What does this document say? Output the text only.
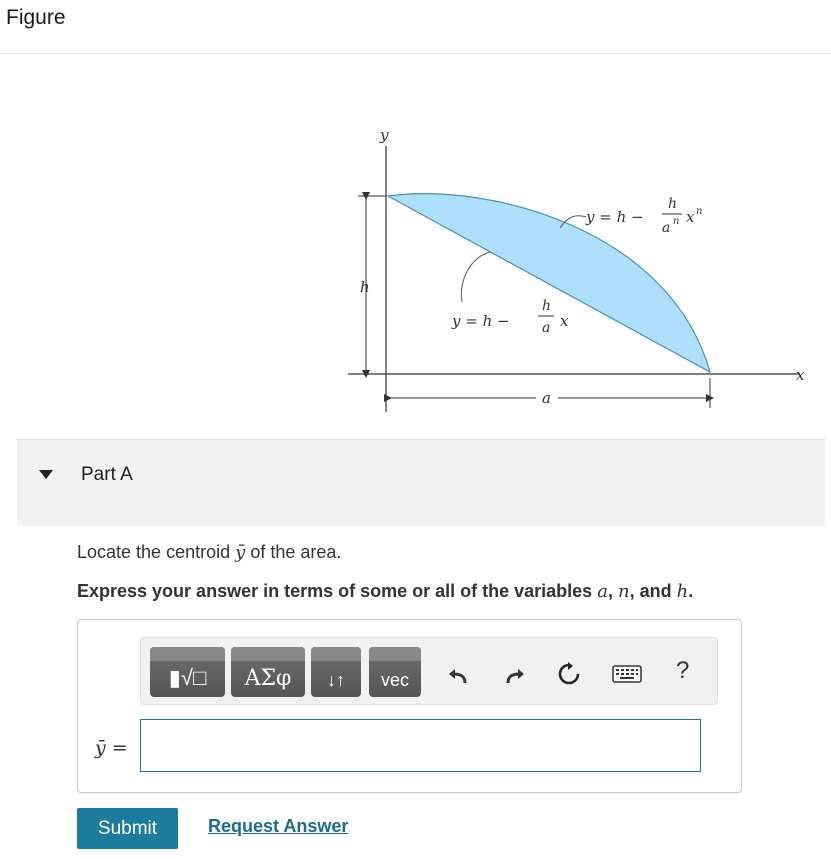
Figure
y
x
h
a
y = h −
h
a n x n
y = h −
h
a x
Part A
Locate the centroid ȳ of the area.
Express your answer in terms of some or all of the variables a, n, and h.
▮√□	ΑΣφ	↓↑	vec	?
ȳ =
Submit	Request Answer
